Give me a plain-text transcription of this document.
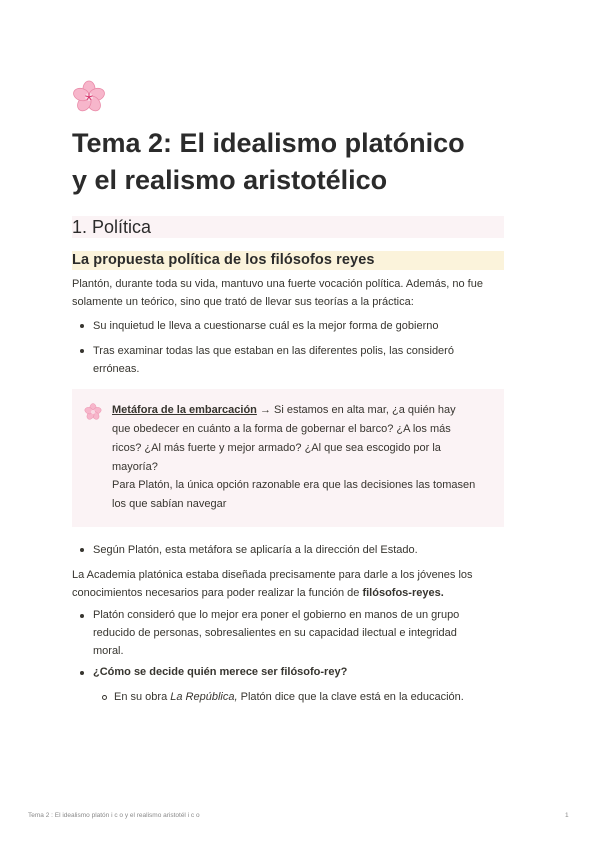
Tema 2: El idealismo platónico
y el realismo aristotélico
1. Política
La propuesta política de los filósofos reyes
Plantón, durante toda su vida, mantuvo una fuerte vocación política. Además, no fue
solamente un teórico, sino que trató de llevar sus teorías a la práctica:
Su inquietud le lleva a cuestionarse cuál es la mejor forma de gobierno
Tras examinar todas las que estaban en las diferentes polis, las consideró
erróneas.
Metáfora de la embarcación → Si estamos en alta mar, ¿a quién hay
que obedecer en cuánto a la forma de gobernar el barco? ¿A los más
ricos? ¿Al más fuerte y mejor armado? ¿Al que sea escogido por la
mayoría?
Para Platón, la única opción razonable era que las decisiones las tomasen
los que sabían navegar
Según Platón, esta metáfora se aplicaría a la dirección del Estado.
La Academia platónica estaba diseñada precisamente para darle a los jóvenes los
conocimientos necesarios para poder realizar la función de filósofos-reyes.
Platón consideró que lo mejor era poner el gobierno en manos de un grupo
reducido de personas, sobresalientes en su capacidad ilectual e integridad
moral.
¿Cómo se decide quién merece ser filósofo-rey?
En su obra La República, Platón dice que la clave está en la educación.
Tema 2 : El idealismo platón i c o y el realismo aristotél i c o	1
